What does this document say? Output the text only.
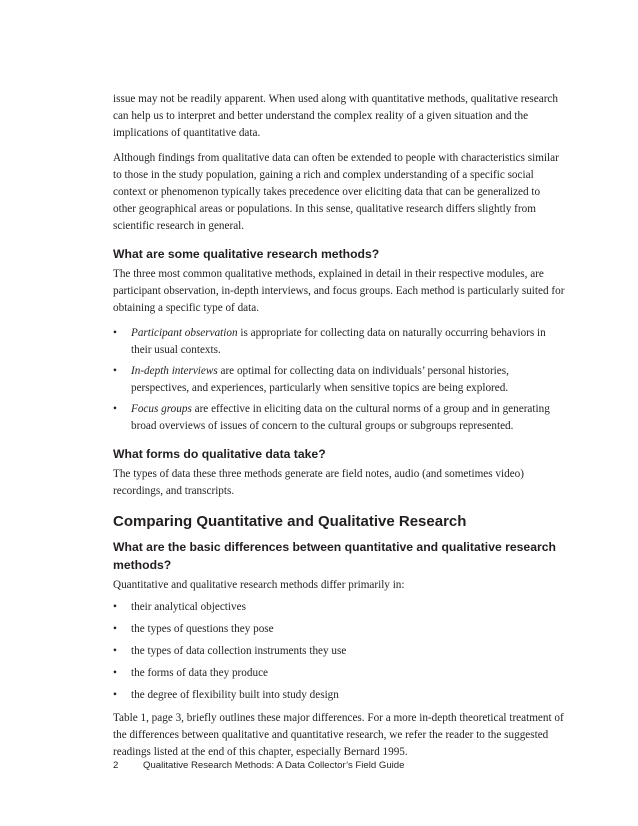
issue may not be readily apparent. When used along with quantitative methods, qualitative research can help us to interpret and better understand the complex reality of a given situation and the implications of quantitative data.

Although findings from qualitative data can often be extended to people with characteristics similar to those in the study population, gaining a rich and complex understanding of a specific social context or phenomenon typically takes precedence over eliciting data that can be generalized to other geographical areas or populations. In this sense, qualitative research differs slightly from scientific research in general.

What are some qualitative research methods?

The three most common qualitative methods, explained in detail in their respective modules, are participant observation, in-depth interviews, and focus groups. Each method is particularly suited for obtaining a specific type of data.

• Participant observation is appropriate for collecting data on naturally occurring behaviors in their usual contexts.
• In-depth interviews are optimal for collecting data on individuals’ personal histories, perspectives, and experiences, particularly when sensitive topics are being explored.
• Focus groups are effective in eliciting data on the cultural norms of a group and in generating broad overviews of issues of concern to the cultural groups or subgroups represented.
What forms do qualitative data take?

The types of data these three methods generate are field notes, audio (and sometimes video) recordings, and transcripts.

Comparing Quantitative and Qualitative Research
What are the basic differences between quantitative and qualitative research methods?

Quantitative and qualitative research methods differ primarily in:

• their analytical objectives
• the types of questions they pose
• the types of data collection instruments they use
• the forms of data they produce
• the degree of flexibility built into study design

Table 1, page 3, briefly outlines these major differences. For a more in-depth theoretical treatment of the differences between qualitative and quantitative research, we refer the reader to the suggested readings listed at the end of this chapter, especially Bernard 1995.

2	Qualitative Research Methods: A Data Collector’s Field Guide
